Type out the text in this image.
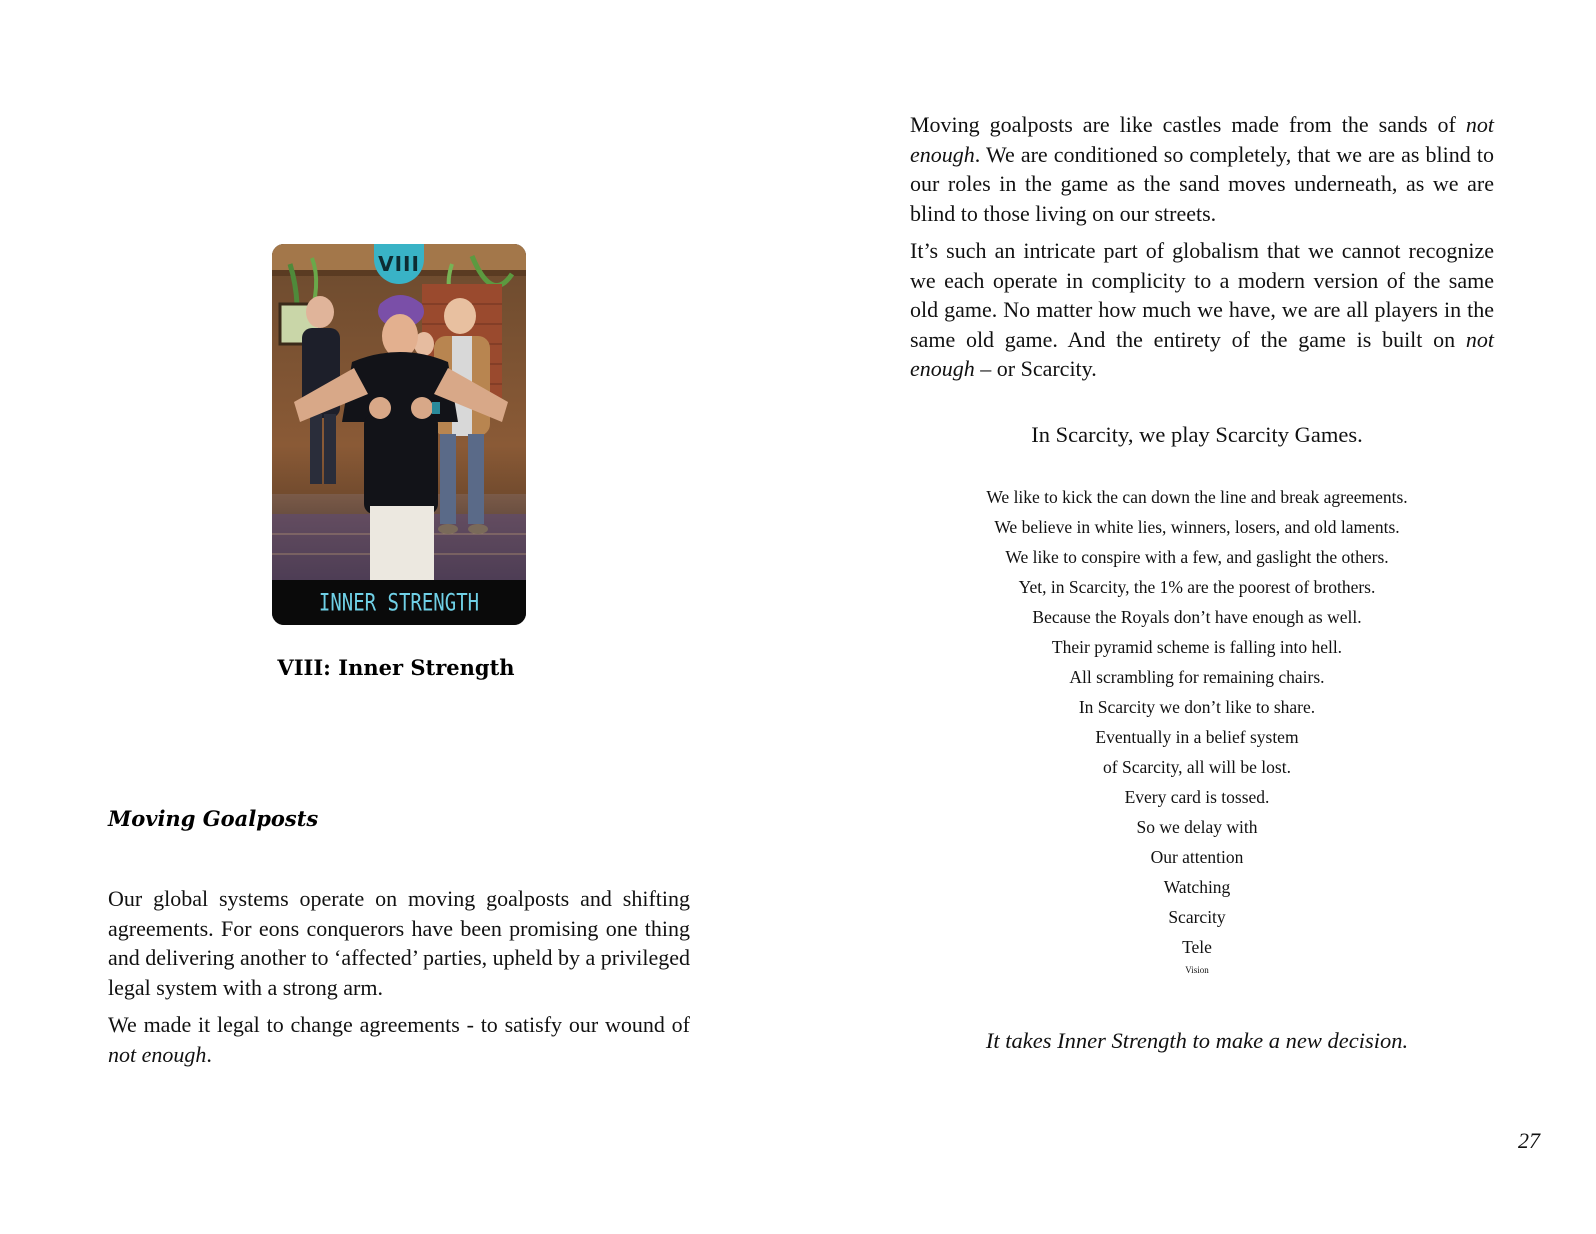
VIII
INNER STRENGTH
VIII: Inner Strength
Moving Goalposts

Our global systems operate on moving goalposts and shifting agreements. For eons conquerors have been promising one thing and delivering another to ‘affected’ parties, upheld by a privileged legal system with a strong arm.

We made it legal to change agreements - to satisfy our wound of not enough.

Moving goalposts are like castles made from the sands of not enough. We are conditioned so completely, that we are as blind to our roles in the game as the sand moves underneath, as we are blind to those living on our streets.

It’s such an intricate part of globalism that we cannot recognize we each operate in complicity to a modern version of the same old game. No matter how much we have, we are all players in the same old game. And the entirety of the game is built on not enough – or Scarcity.

In Scarcity, we play Scarcity Games.
We like to kick the can down the line and break agreements.
We believe in white lies, winners, losers, and old laments.
We like to conspire with a few, and gaslight the others.
Yet, in Scarcity, the 1% are the poorest of brothers.
Because the Royals don’t have enough as well.
Their pyramid scheme is falling into hell.
All scrambling for remaining chairs.
In Scarcity we don’t like to share.
Eventually in a belief system
of Scarcity, all will be lost.
Every card is tossed.
So we delay with
Our attention
Watching
Scarcity
Tele
Vision
It takes Inner Strength to make a new decision.
27
